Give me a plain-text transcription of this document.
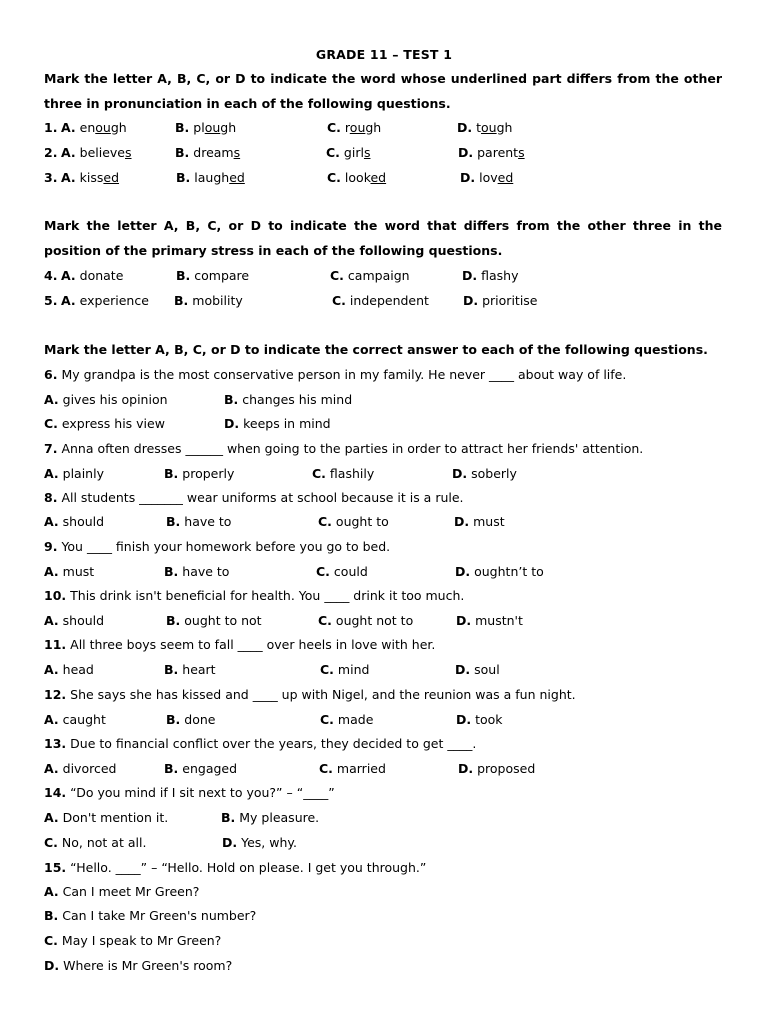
GRADE 11 – TEST 1
Mark the letter A, B, C, or D to indicate the word whose underlined part differs from the other three in pronunciation in each of the following questions.
1. A. enough	B. plough	C. rough	D. tough
2. A. believes	B. dreams	C. girls	D. parents
3. A. kissed	B. laughed	C. looked	D. loved
Mark the letter A, B, C, or D to indicate the word that differs from the other three in the position of the primary stress in each of the following questions.
4. A. donate	B. compare	C. campaign	D. flashy
5. A. experience B. mobility	C. independent	D. prioritise
Mark the letter A, B, C, or D to indicate the correct answer to each of the following questions.
6. My grandpa is the most conservative person in my family. He never ____ about way of life.
A. gives his opinion	B. changes his mind
C. express his view	D. keeps in mind
7. Anna often dresses ______ when going to the parties in order to attract her friends' attention.
A. plainly	B. properly	C. flashily	D. soberly
8. All students _______ wear uniforms at school because it is a rule.
A. should	B. have to	C. ought to	D. must
9. You ____ finish your homework before you go to bed.
A. must	B. have to	C. could	D. oughtn’t to
10. This drink isn't beneficial for health. You ____ drink it too much.
A. should	B. ought to not	C. ought not to	D. mustn't
11. All three boys seem to fall ____ over heels in love with her.
A. head	B. heart	C. mind	D. soul
12. She says she has kissed and ____ up with Nigel, and the reunion was a fun night.
A. caught	B. done	C. made	D. took
13. Due to financial conflict over the years, they decided to get ____.
A. divorced	B. engaged	C. married	D. proposed
14. “Do you mind if I sit next to you?” – “____”
A. Don't mention it.	B. My pleasure.
C. No, not at all.	D. Yes, why.
15. “Hello. ____” – “Hello. Hold on please. I get you through.”
A. Can I meet Mr Green?
B. Can I take Mr Green's number?
C. May I speak to Mr Green?
D. Where is Mr Green's room?
